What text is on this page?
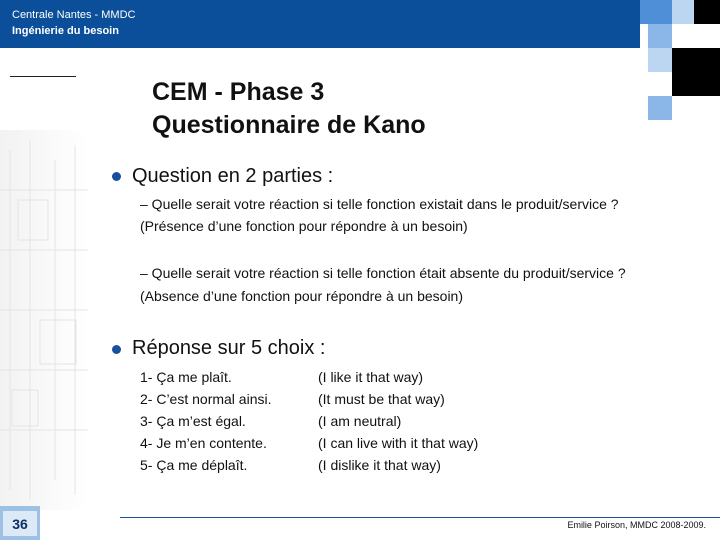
Centrale Nantes - MMDC
Ingénierie du besoin
CEM - Phase 3
Questionnaire de Kano
Question en 2 parties :
– Quelle serait votre réaction si telle fonction existait dans le produit/service ?
(Présence d’une fonction pour répondre à un besoin)
– Quelle serait votre réaction si telle fonction était absente du produit/service ?
(Absence d’une fonction pour répondre à un besoin)
Réponse sur 5 choix :
1- Ça me plaît.
2- C’est normal ainsi.
3- Ça m’est égal.
4- Je m’en contente.
5- Ça me déplaît.
(I like it that way)
(It must be that way)
(I am neutral)
(I can live with it that way)
(I dislike it that way)
36	Emilie Poirson, MMDC 2008-2009.
